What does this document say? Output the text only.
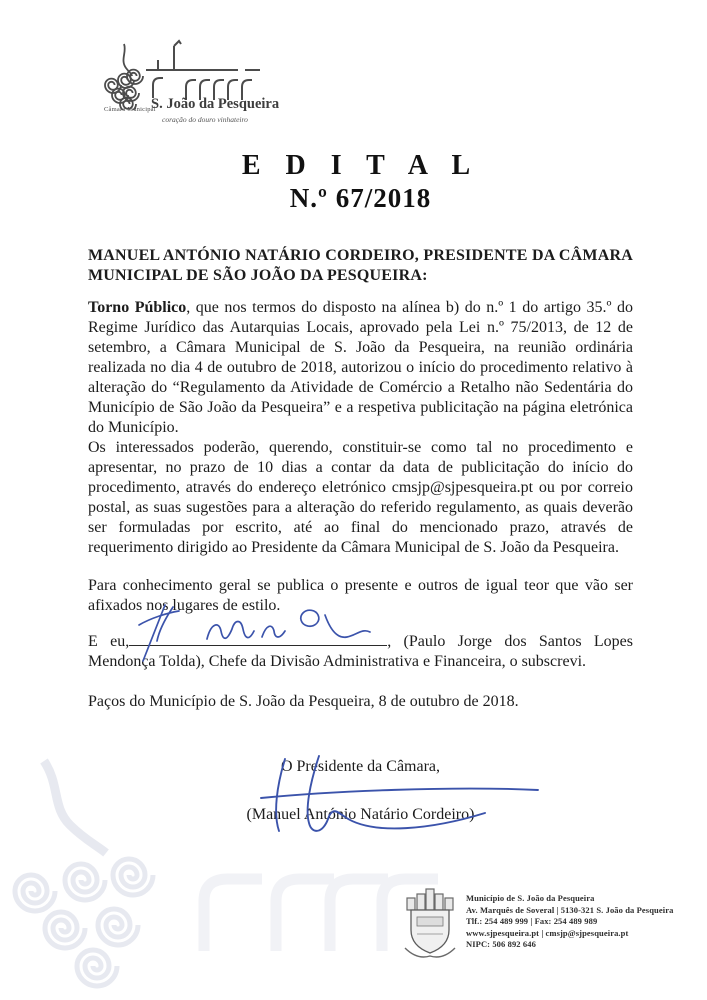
Câmara Municipal
S. João da Pesqueira
coração do douro vinhateiro
E D I T A L
N.º 67/2018

MANUEL ANTÓNIO NATÁRIO CORDEIRO, PRESIDENTE DA CÂMARA MUNICIPAL DE SÃO JOÃO DA PESQUEIRA:

Torno Público, que nos termos do disposto na alínea b) do n.º 1 do artigo 35.º do Regime Jurídico das Autarquias Locais, aprovado pela Lei n.º 75/2013, de 12 de setembro, a Câmara Municipal de S. João da Pesqueira, na reunião ordinária realizada no dia 4 de outubro de 2018, autorizou o início do procedimento relativo à alteração do “Regulamento da Atividade de Comércio a Retalho não Sedentária do Município de São João da Pesqueira” e a respetiva publicitação na página eletrónica do Município.

Os interessados poderão, querendo, constituir-se como tal no procedimento e apresentar, no prazo de 10 dias a contar da data de publicitação do início do procedimento, através do endereço eletrónico cmsjp@sjpesqueira.pt ou por correio postal, as suas sugestões para a alteração do referido regulamento, as quais deverão ser formuladas por escrito, até ao final do mencionado prazo, através de requerimento dirigido ao Presidente da Câmara Municipal de S. João da Pesqueira.

Para conhecimento geral se publica o presente e outros de igual teor que vão ser afixados nos lugares de estilo.

E eu,	, (Paulo Jorge dos Santos Lopes Mendonça Tolda), Chefe da Divisão Administrativa e Financeira, o subscrevi.

Paços do Município de S. João da Pesqueira, 8 de outubro de 2018.

O Presidente da Câmara,
(Manuel António Natário Cordeiro)
Município de S. João da Pesqueira
Av. Marquês de Soveral | 5130-321 S. João da Pesqueira
Tlf.: 254 489 999 | Fax: 254 489 989
www.sjpesqueira.pt | cmsjp@sjpesqueira.pt
NIPC: 506 892 646
